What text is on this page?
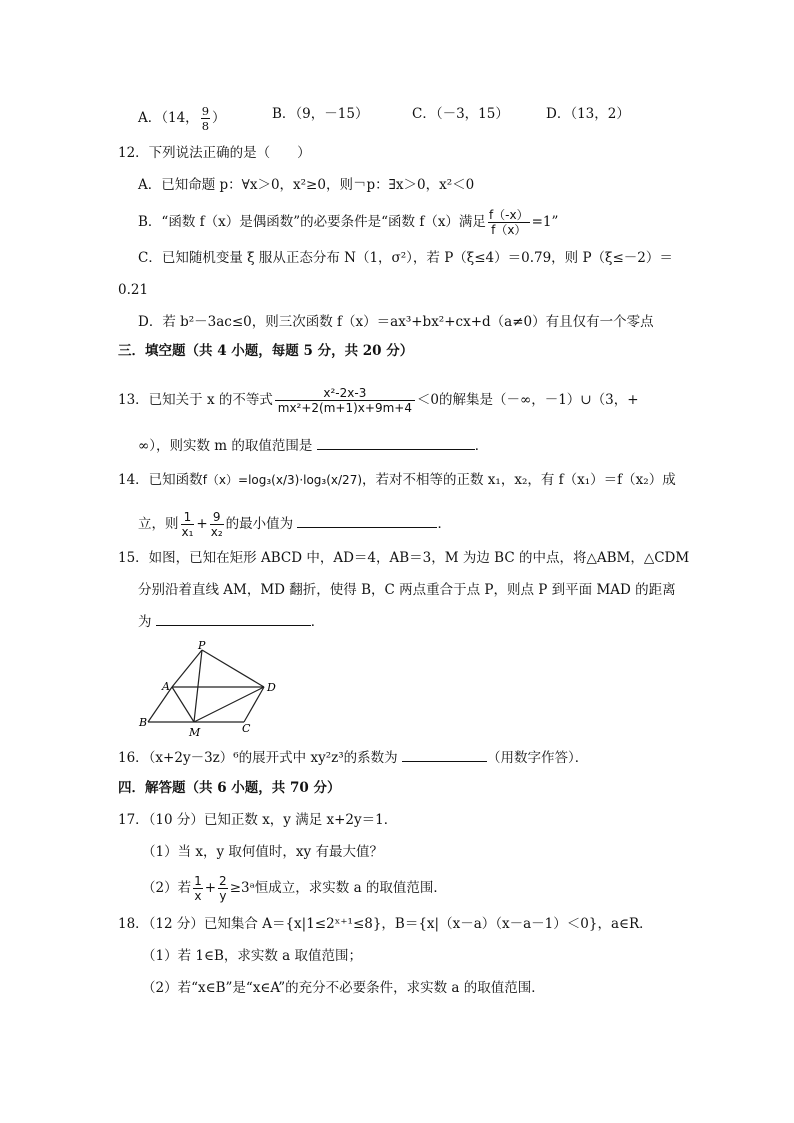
A．（14， $\frac{9}{8}$ ）	B．（9，－15）	C．（－3，15）	D．（13，2）
12．下列说法正确的是（　　）
A．已知命题 p：∀x＞0，x²≥0，则￢p：∃x＞0，x²＜0
B．“函数 f（x）是偶函数”的必要条件是“函数 f（x）满足 $\frac{f(-x)}{f(x)} =1$”
C．已知随机变量 ξ 服从正态分布 N（1，σ²），若 P（ξ≤4）＝0.79，则 P（ξ≤－2）＝
0.21
D．若 b²－3ac≤0，则三次函数 f（x）＝ax³+bx²+cx+d（a≠0）有且仅有一个零点
三．填空题（共 4 小题，每题 5 分，共 20 分）
13．已知关于 x 的不等式 $\frac{\text{x²-2x-3}}{\text{mx²+2(m+1)x+9m+4}} <0$的解集是（－∞，－1）∪（3，+
∞），则实数 m 的取值范围是	．
14．已知函数f（x）=log₃(x/3)·log₃(x/27)，若对不相等的正数 x₁，x₂，有 f（x₁）＝f（x₂）成
立，则 $\frac{1}{\text{x₁}} + \frac{9}{\text{x₂}}$ 的最小值为	．
15．如图，已知在矩形 ABCD 中，AD＝4，AB＝3，M 为边 BC 的中点，将△ABM，△CDM
分别沿着直线 AM，MD 翻折，使得 B，C 两点重合于点 P，则点 P 到平面 MAD 的距离
为	．
P
A	D
B
M	C
16．（x+2y－3z）⁶的展开式中 xy²z³的系数为	（用数字作答）．
四．解答题（共 6 小题，共 70 分）
17．（10 分）已知正数 x，y 满足 x+2y＝1．
（1）当 x，y 取何值时，xy 有最大值？
（2）若 $\frac{1}{x} + \frac{2}{y}$ ≥3ᵃ恒成立，求实数 a 的取值范围．
18．（12 分）已知集合 A＝{x|1≤2ˣ⁺¹≤8}，B＝{x|（x－a）（x－a－1）＜0}，a∈R．
（1）若 1∈B，求实数 a 取值范围；
（2）若“x∈B”是“x∈A”的充分不必要条件，求实数 a 的取值范围．
